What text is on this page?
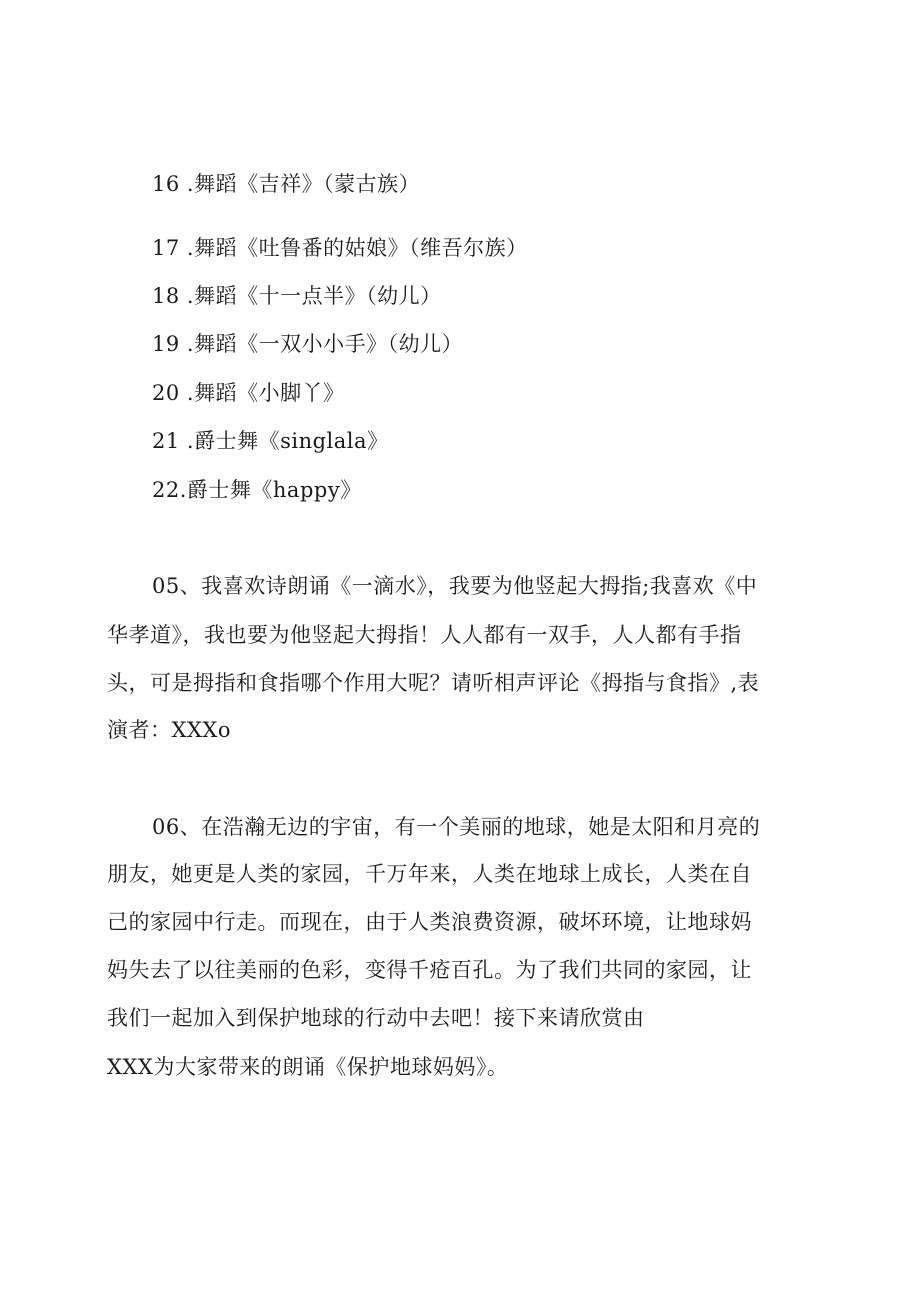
16 .舞蹈《吉祥》（蒙古族）
17 .舞蹈《吐鲁番的姑娘》（维吾尔族）
18 .舞蹈《十一点半》（幼儿）
19 .舞蹈《一双小小手》（幼儿）
20 .舞蹈《小脚丫》
21 .爵士舞《singlala》
22.爵士舞《happy》
05、我喜欢诗朗诵《一滴水》，我要为他竖起大拇指;我喜欢《中
华孝道》，我也要为他竖起大拇指！人人都有一双手，人人都有手指
头，可是拇指和食指哪个作用大呢？请听相声评论《拇指与食指》,表
演者：XXXo
06、在浩瀚无边的宇宙，有一个美丽的地球，她是太阳和月亮的
朋友，她更是人类的家园，千万年来，人类在地球上成长，人类在自
己的家园中行走。而现在，由于人类浪费资源，破坏环境，让地球妈
妈失去了以往美丽的色彩，变得千疮百孔。为了我们共同的家园，让
我们一起加入到保护地球的行动中去吧！接下来请欣赏由
XXX为大家带来的朗诵《保护地球妈妈》。
